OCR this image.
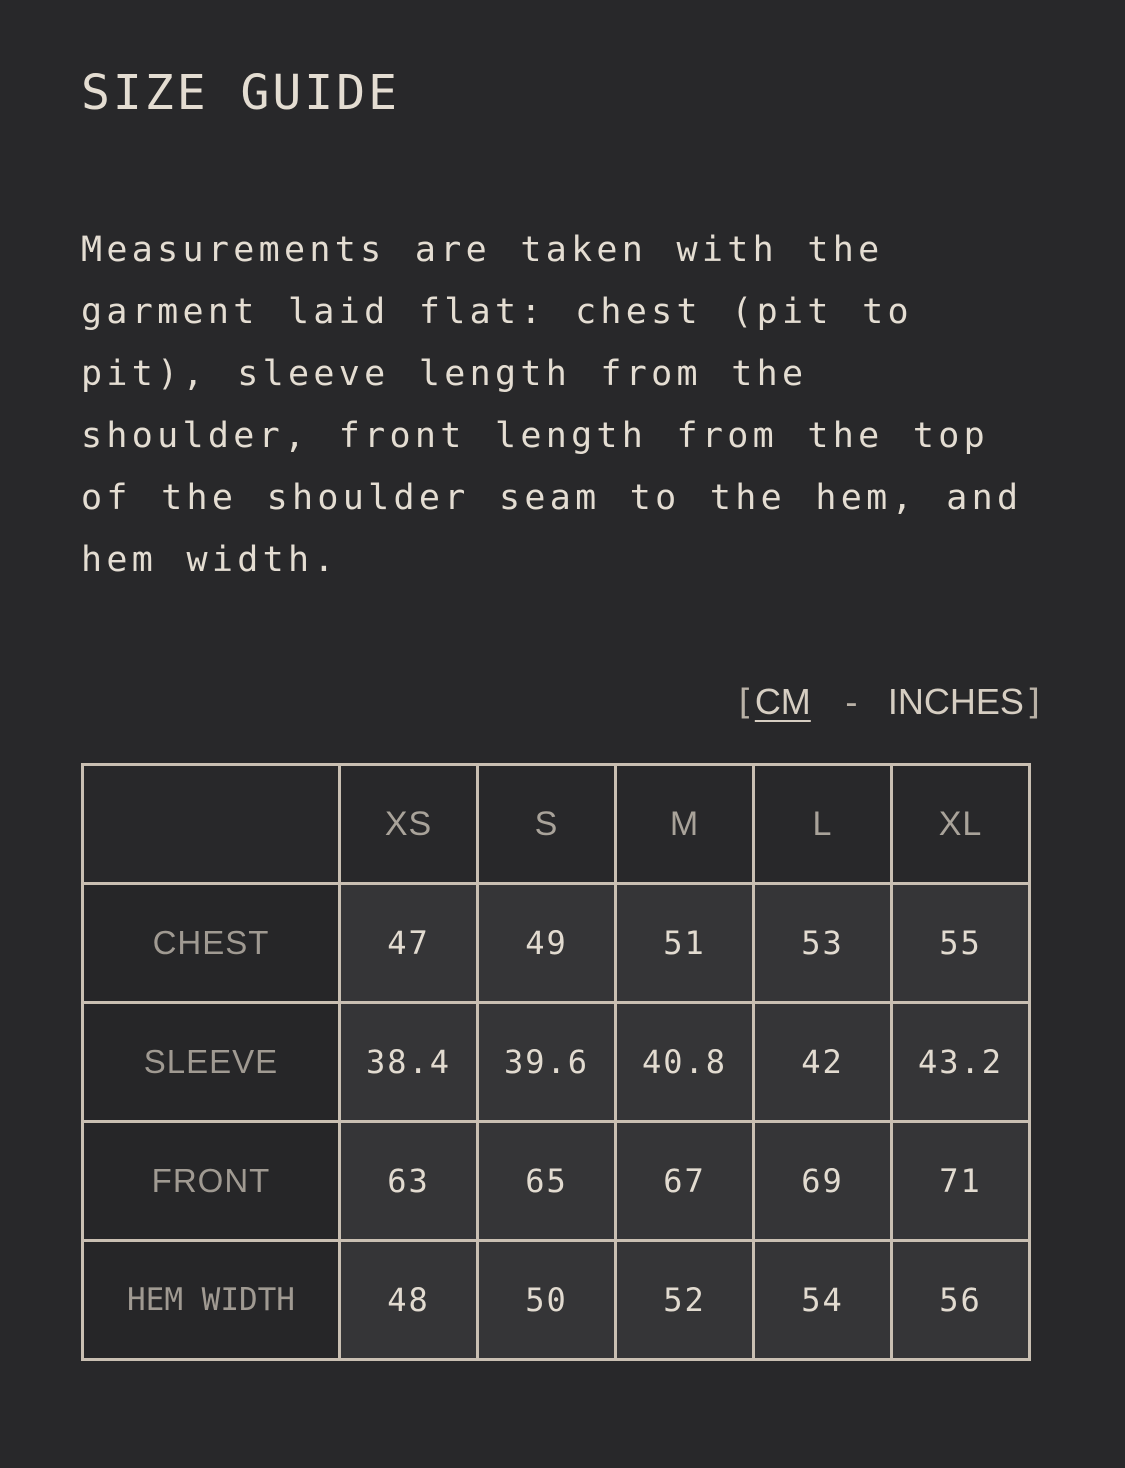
SIZE GUIDE

Measurements are taken with the garment laid flat: chest (pit to pit), sleeve length from the shoulder, front length from the top of the shoulder seam to the hem, and hem width.

[CM - INCHES]
	XS	S	M	L	XL
CHEST	47	49	51	53	55
SLEEVE	38.4	39.6	40.8	42	43.2
FRONT	63	65	67	69	71
HEM WIDTH	48	50	52	54	56
